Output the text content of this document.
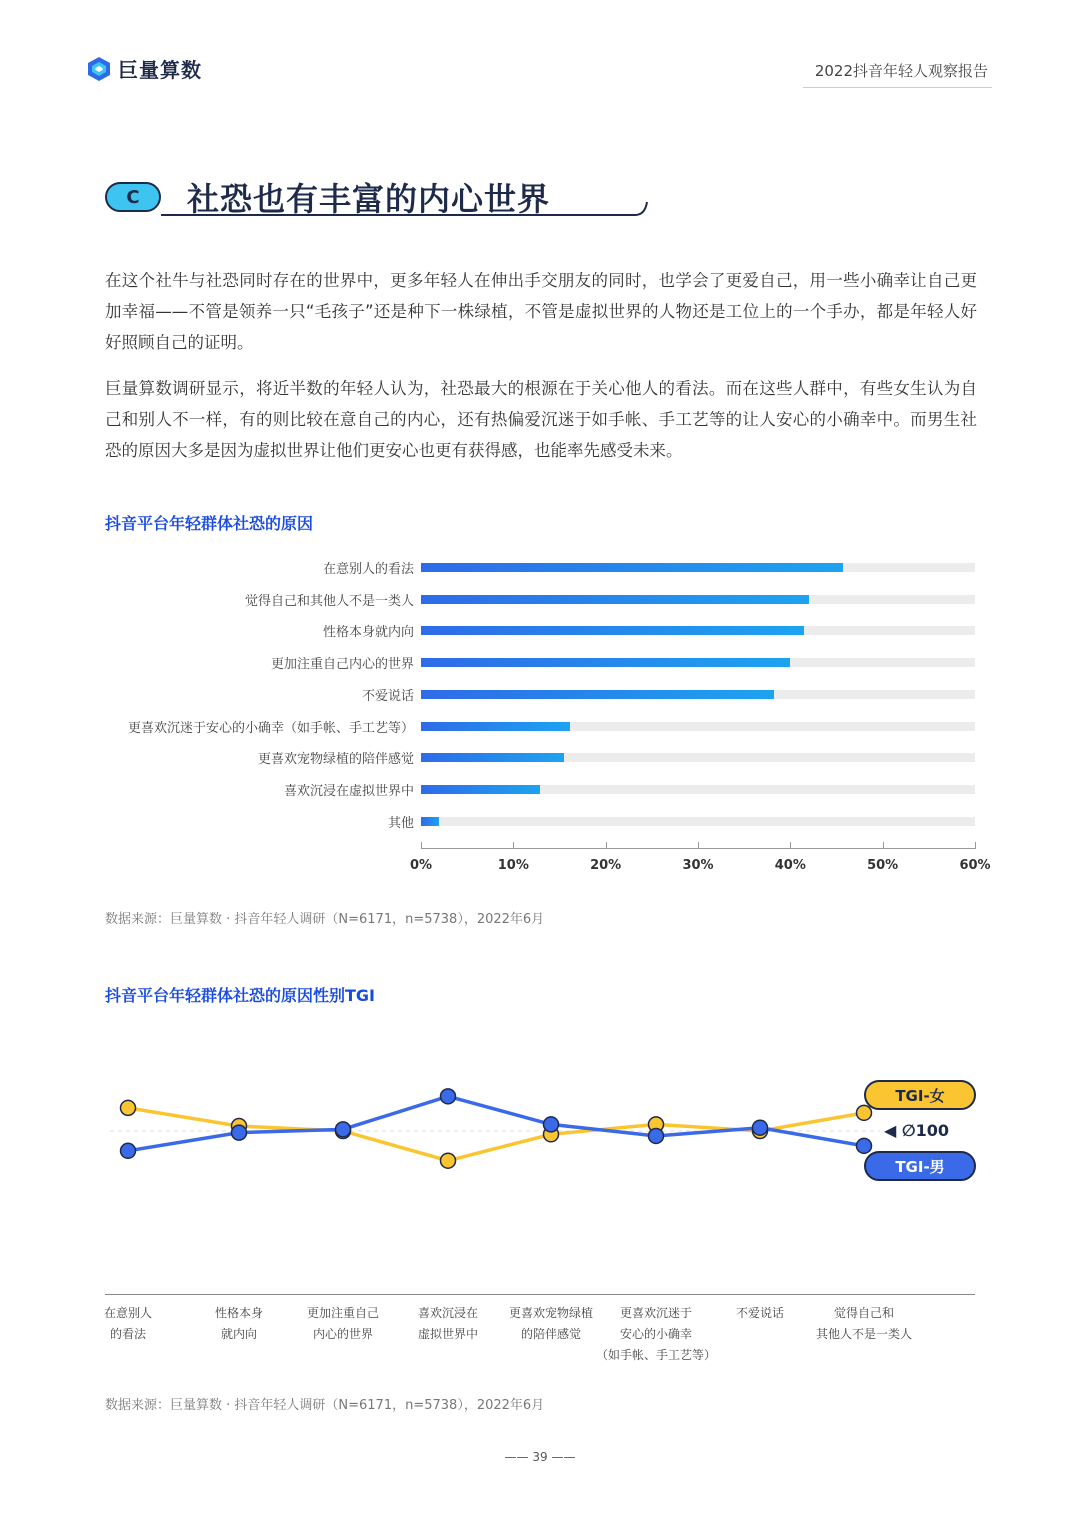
巨量算数	2022抖音年轻人观察报告
C	社恐也有丰富的内心世界
在这个社牛与社恐同时存在的世界中，更多年轻人在伸出手交朋友的同时，也学会了更爱自己，用一些小确幸让自己更加幸福——不管是领养一只“毛孩子”还是种下一株绿植，不管是虚拟世界的人物还是工位上的一个手办，都是年轻人好好照顾自己的证明。
巨量算数调研显示，将近半数的年轻人认为，社恐最大的根源在于关心他人的看法。而在这些人群中，有些女生认为自己和别人不一样，有的则比较在意自己的内心，还有热偏爱沉迷于如手帐、手工艺等的让人安心的小确幸中。而男生社恐的原因大多是因为虚拟世界让他们更安心也更有获得感，也能率先感受未来。
抖音平台年轻群体社恐的原因
在意别人的看法
觉得自己和其他人不是一类人
性格本身就内向
更加注重自己内心的世界
不爱说话
更喜欢沉迷于安心的小确幸（如手帐、手工艺等）
更喜欢宠物绿植的陪伴感觉
喜欢沉浸在虚拟世界中
其他
0%	10%	20%	30%	40%	50%	60%
数据来源：巨量算数 · 抖音年轻人调研（N=6171，n=5738），2022年6月
抖音平台年轻群体社恐的原因性别TGI
TGI-女
◀ ∅100
TGI-男
在意别人
的看法
性格本身
就内向
更加注重自己
内心的世界
喜欢沉浸在
虚拟世界中
更喜欢宠物绿植
的陪伴感觉
更喜欢沉迷于
安心的小确幸
（如手帐、手工艺等）
不爱说话	觉得自己和
其他人不是一类人
数据来源：巨量算数 · 抖音年轻人调研（N=6171，n=5738），2022年6月
—— 39 ——
